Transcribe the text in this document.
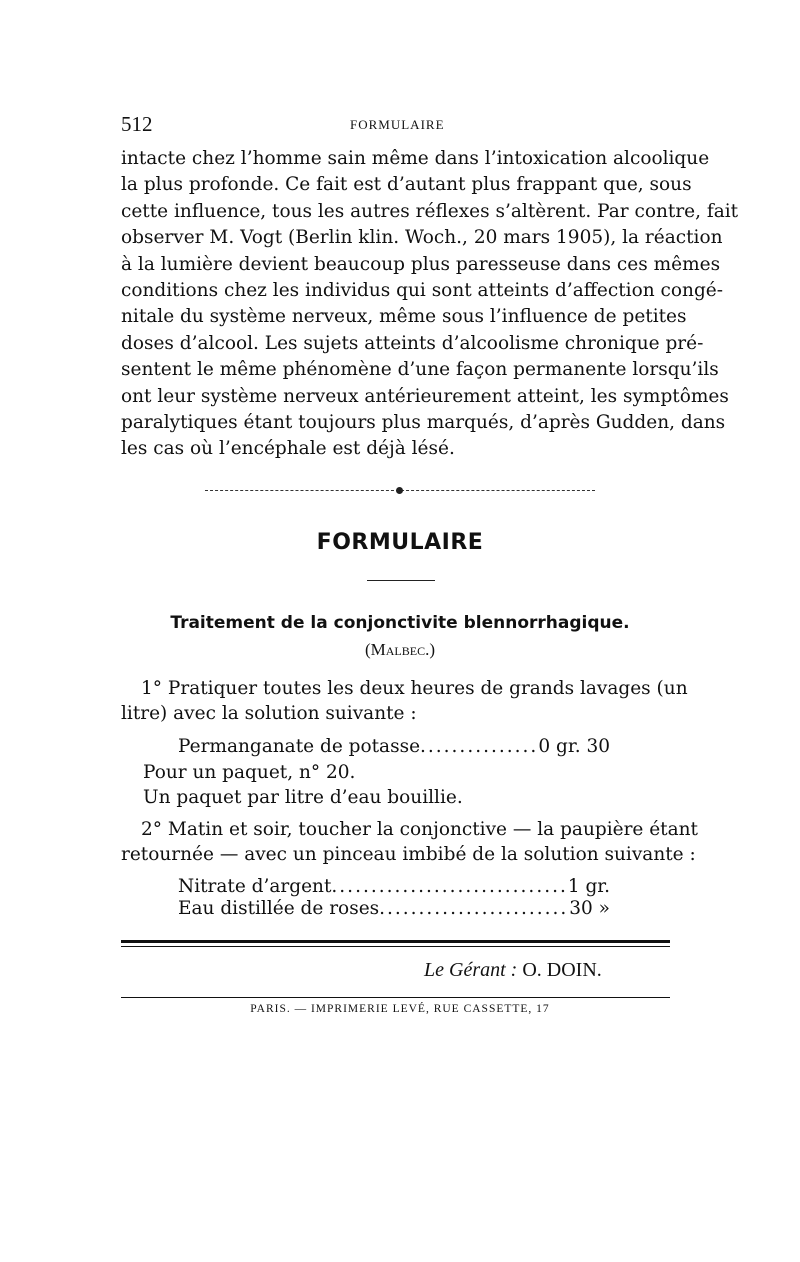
512	FORMULAIRE
intacte chez l’homme sain même dans l’intoxication alcoolique
la plus profonde. Ce fait est d’autant plus frappant que, sous
cette influence, tous les autres réflexes s’altèrent. Par contre, fait
observer M. Vogt (Berlin klin. Woch., 20 mars 1905), la réaction
à la lumière devient beaucoup plus paresseuse dans ces mêmes
conditions chez les individus qui sont atteints d’affection congé-
nitale du système nerveux, même sous l’influence de petites
doses d’alcool. Les sujets atteints d’alcoolisme chronique pré-
sentent le même phénomène d’une façon permanente lorsqu’ils
ont leur système nerveux antérieurement atteint, les symptômes
paralytiques étant toujours plus marqués, d’après Gudden, dans
les cas où l’encéphale est déjà lésé.
FORMULAIRE
Traitement de la conjonctivite blennorrhagique.
(Malbec.)
1° Pratiquer toutes les deux heures de grands lavages (un
litre) avec la solution suivante :
Permanganate de potasse .....	0 gr. 30
Pour un paquet, n° 20.
Un paquet par litre d’eau bouillie.
2° Matin et soir, toucher la conjonctive — la paupière étant
retournée — avec un pinceau imbibé de la solution suivante :
Nitrate d’argent .....	1 gr.
Eau distillée de roses .....	30 »
Le Gérant : O. DOIN.
PARIS. — IMPRIMERIE LEVÉ, RUE CASSETTE, 17
